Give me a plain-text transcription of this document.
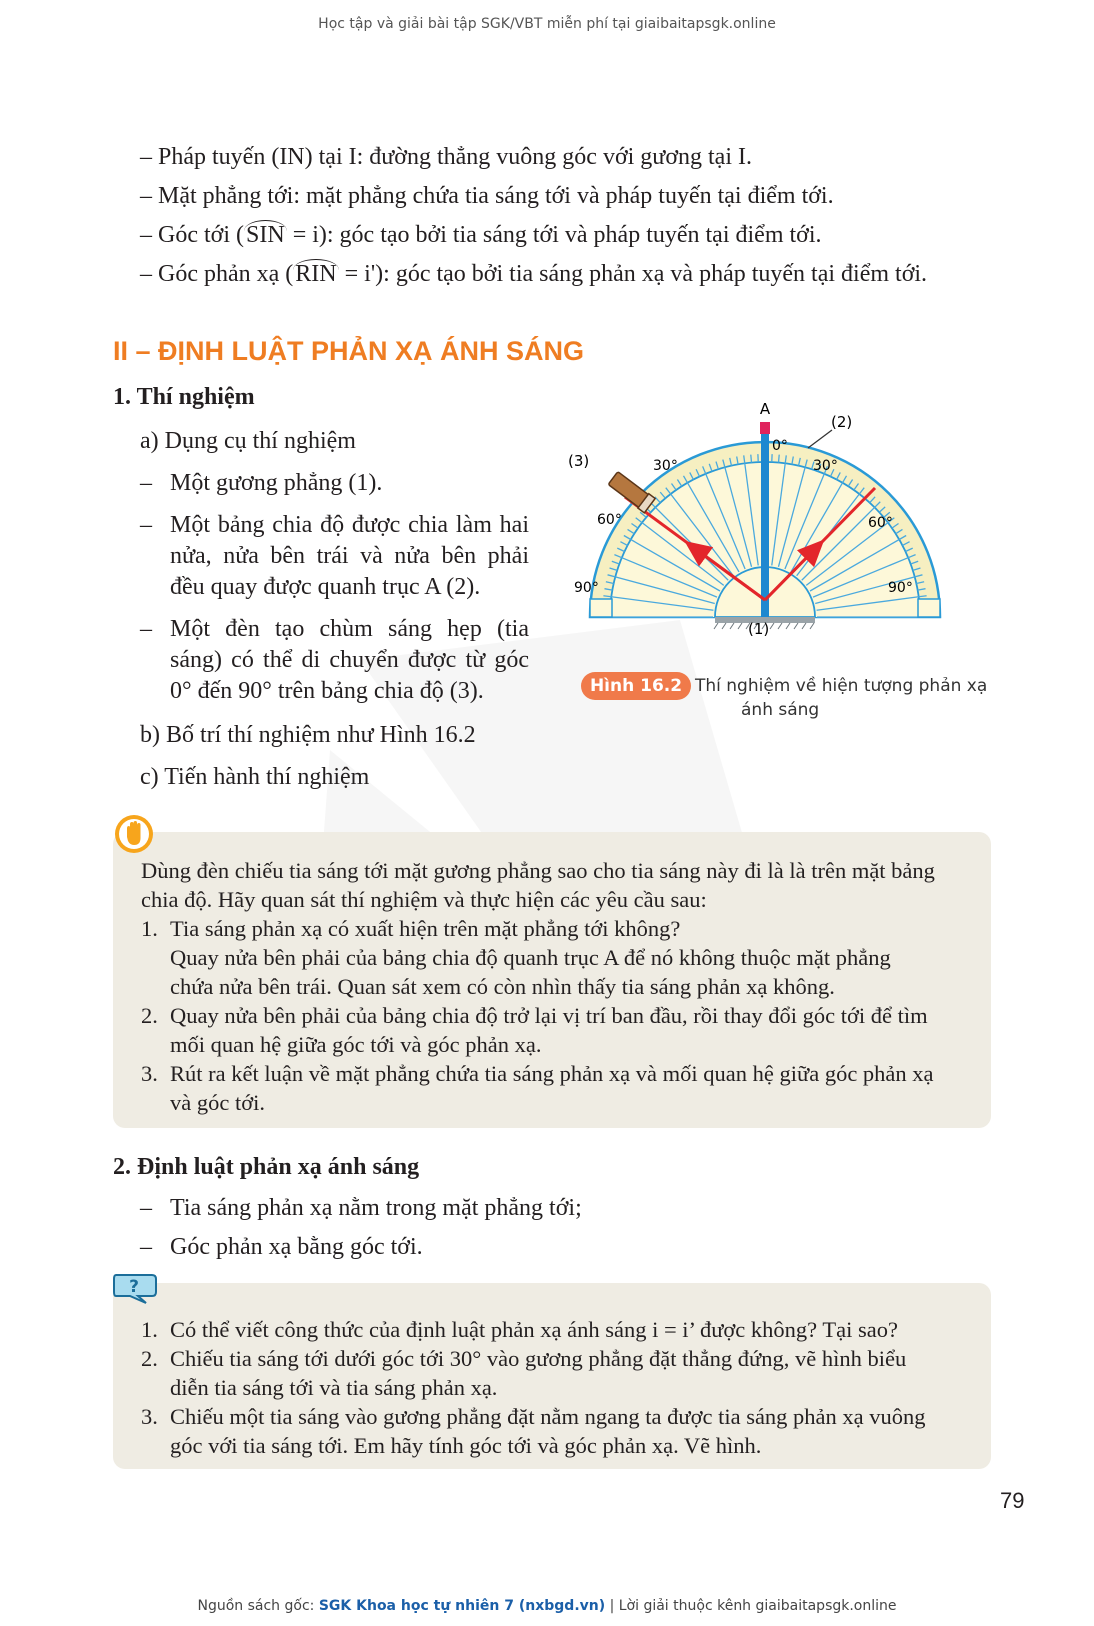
Học tập và giải bài tập SGK/VBT miễn phí tại giaibaitapsgk.online
– Pháp tuyến (IN) tại I: đường thẳng vuông góc với gương tại I.
– Mặt phẳng tới: mặt phẳng chứa tia sáng tới và pháp tuyến tại điểm tới.
– Góc tới (SIN = i): góc tạo bởi tia sáng tới và pháp tuyến tại điểm tới.
– Góc phản xạ (RIN = i'): góc tạo bởi tia sáng phản xạ và pháp tuyến tại điểm tới.
II – ĐỊNH LUẬT PHẢN XẠ ÁNH SÁNG
1. Thí nghiệm
a) Dụng cụ thí nghiệm
– Một gương phẳng (1).
– Một bảng chia độ được chia làm hai
nửa, nửa bên trái và nửa bên phải
đều quay được quanh trục A (2).
– Một đèn tạo chùm sáng hẹp (tia
sáng) có thể di chuyển được từ góc
0° đến 90° trên bảng chia độ (3).
b) Bố trí thí nghiệm như Hình 16.2
c) Tiến hành thí nghiệm
A
(2)
(3)
(1)
0°
30°	30°
60°	60°
90°	90°
Hình 16.2 Thí nghiệm về hiện tượng phản xạ
ánh sáng
Dùng đèn chiếu tia sáng tới mặt gương phẳng sao cho tia sáng này đi là là trên mặt bảng
chia độ. Hãy quan sát thí nghiệm và thực hiện các yêu cầu sau:
1. Tia sáng phản xạ có xuất hiện trên mặt phẳng tới không?
Quay nửa bên phải của bảng chia độ quanh trục A để nó không thuộc mặt phẳng
chứa nửa bên trái. Quan sát xem có còn nhìn thấy tia sáng phản xạ không.
2. Quay nửa bên phải của bảng chia độ trở lại vị trí ban đầu, rồi thay đổi góc tới để tìm
mối quan hệ giữa góc tới và góc phản xạ.
3. Rút ra kết luận về mặt phẳng chứa tia sáng phản xạ và mối quan hệ giữa góc phản xạ
và góc tới.
2. Định luật phản xạ ánh sáng
– Tia sáng phản xạ nằm trong mặt phẳng tới;
– Góc phản xạ bằng góc tới.
1. Có thể viết công thức của định luật phản xạ ánh sáng i = i’ được không? Tại sao?
2. Chiếu tia sáng tới dưới góc tới 30° vào gương phẳng đặt thẳng đứng, vẽ hình biểu
diễn tia sáng tới và tia sáng phản xạ.
3. Chiếu một tia sáng vào gương phẳng đặt nằm ngang ta được tia sáng phản xạ vuông
góc với tia sáng tới. Em hãy tính góc tới và góc phản xạ. Vẽ hình.
?
79
Nguồn sách gốc: SGK Khoa học tự nhiên 7 (nxbgd.vn) | Lời giải thuộc kênh giaibaitapsgk.online
